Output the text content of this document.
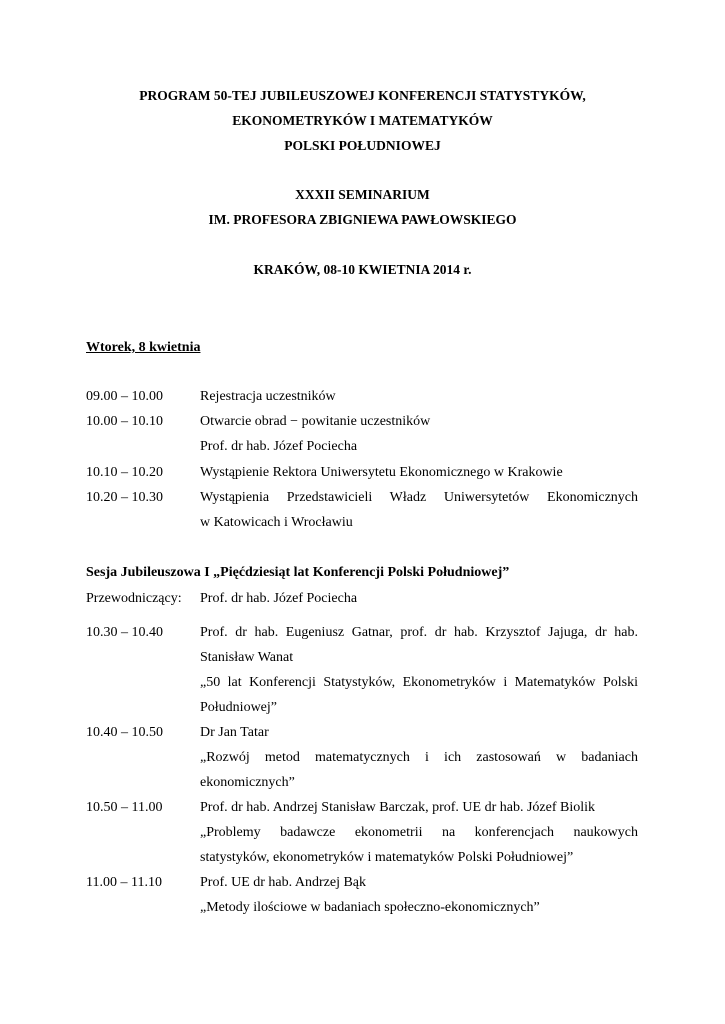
PROGRAM 50-TEJ JUBILEUSZOWEJ KONFERENCJI STATYSTYKÓW,
EKONOMETRYKÓW I MATEMATYKÓW
POLSKI POŁUDNIOWEJ
XXXII SEMINARIUM
IM. PROFESORA ZBIGNIEWA PAWŁOWSKIEGO
KRAKÓW, 08-10 KWIETNIA 2014 r.
Wtorek, 8 kwietnia
09.00 – 10.00	Rejestracja uczestników
10.00 – 10.10	Otwarcie obrad − powitanie uczestników
Prof. dr hab. Józef Pociecha
10.10 – 10.20	Wystąpienie Rektora Uniwersytetu Ekonomicznego w Krakowie
10.20 – 10.30	Wystąpienia Przedstawicieli Władz Uniwersytetów Ekonomicznych
w Katowicach i Wrocławiu
Sesja Jubileuszowa I „Pięćdziesiąt lat Konferencji Polski Południowej”
Przewodniczący:	Prof. dr hab. Józef Pociecha
10.30 – 10.40	Prof. dr hab. Eugeniusz Gatnar, prof. dr hab. Krzysztof Jajuga, dr hab.
Stanisław Wanat
„50 lat Konferencji Statystyków, Ekonometryków i Matematyków Polski
Południowej”
10.40 – 10.50	Dr Jan Tatar
„Rozwój metod matematycznych i ich zastosowań w badaniach
ekonomicznych”
10.50 – 11.00	Prof. dr hab. Andrzej Stanisław Barczak, prof. UE dr hab. Józef Biolik
„Problemy badawcze ekonometrii na konferencjach naukowych
statystyków, ekonometryków i matematyków Polski Południowej”
11.00 – 11.10	Prof. UE dr hab. Andrzej Bąk
„Metody ilościowe w badaniach społeczno-ekonomicznych”
